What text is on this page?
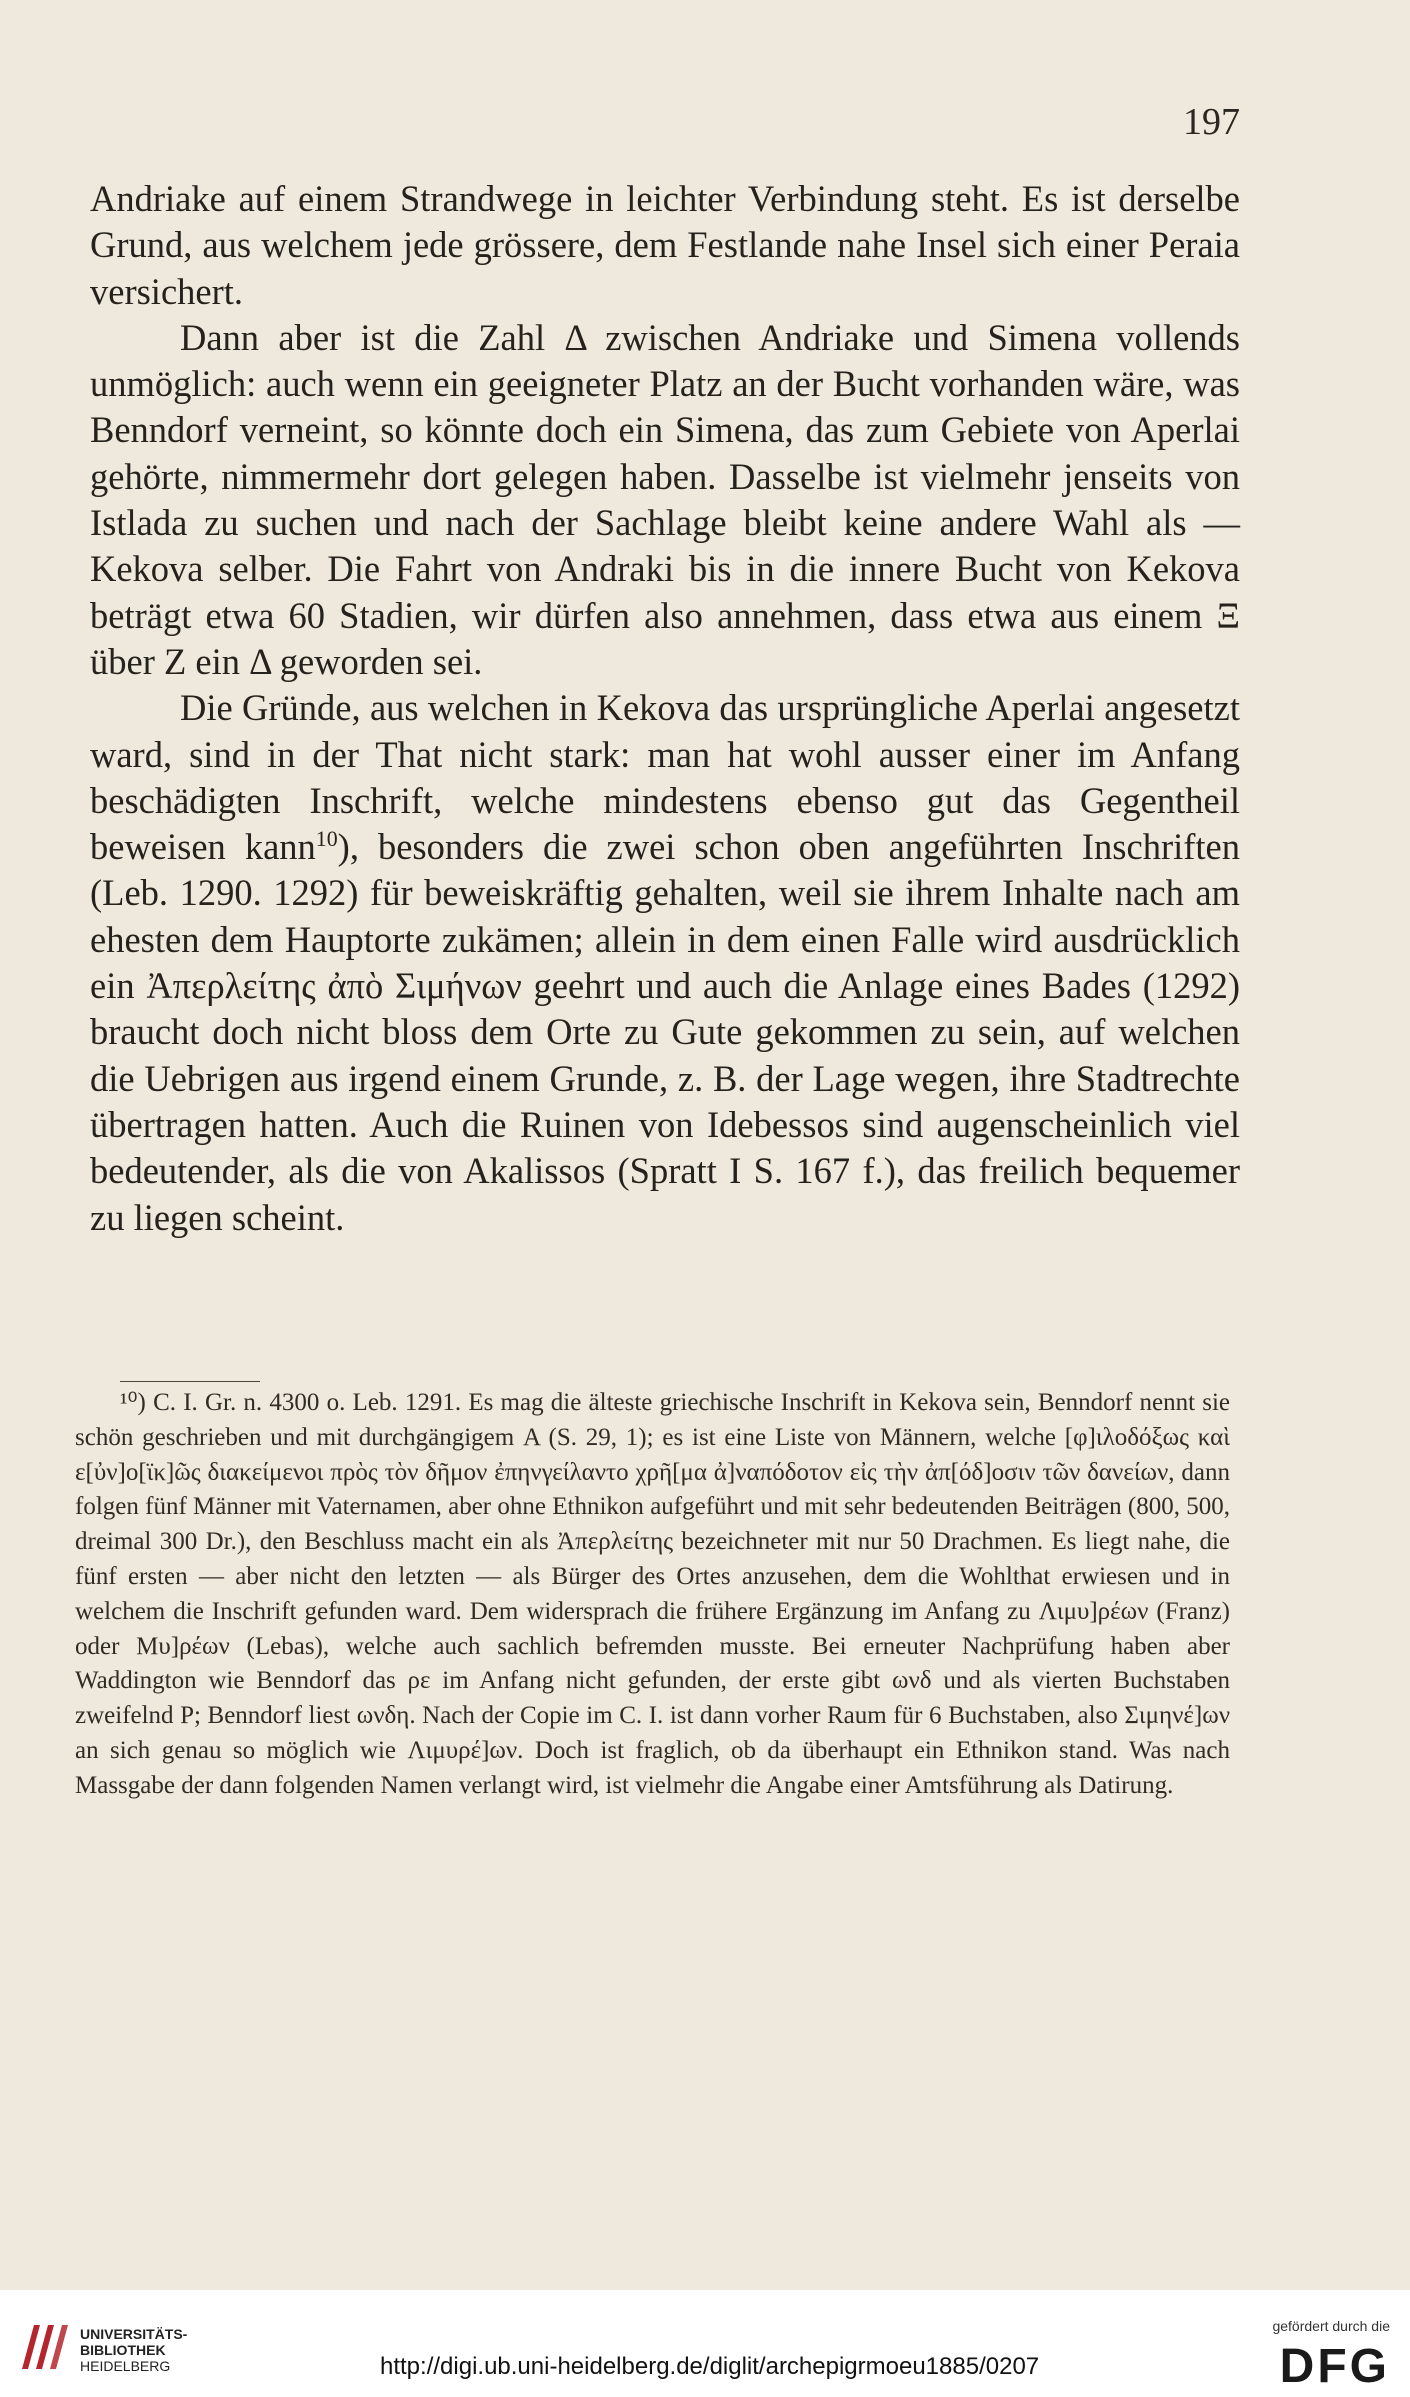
197

Andriake auf einem Strandwege in leichter Verbindung steht. Es ist derselbe Grund, aus welchem jede grössere, dem Festlande nahe Insel sich einer Peraia versichert.

Dann aber ist die Zahl Δ zwischen Andriake und Simena vollends unmöglich: auch wenn ein geeigneter Platz an der Bucht vorhanden wäre, was Benndorf verneint, so könnte doch ein Simena, das zum Gebiete von Aperlai gehörte, nimmermehr dort gelegen haben. Dasselbe ist vielmehr jenseits von Istlada zu suchen und nach der Sachlage bleibt keine andere Wahl als — Kekova selber. Die Fahrt von Andraki bis in die innere Bucht von Kekova beträgt etwa 60 Stadien, wir dürfen also annehmen, dass etwa aus einem Ξ über Ζ ein Δ geworden sei.

Die Gründe, aus welchen in Kekova das ursprüngliche Aperlai angesetzt ward, sind in der That nicht stark: man hat wohl ausser einer im Anfang beschädigten Inschrift, welche mindestens ebenso gut das Gegentheil beweisen kann$^{10}$), besonders die zwei schon oben angeführten Inschriften (Leb. 1290. 1292) für beweiskräftig gehalten, weil sie ihrem Inhalte nach am ehesten dem Hauptorte zukämen; allein in dem einen Falle wird ausdrücklich ein Ἀπερλείτης ἀπὸ Σιμήνων geehrt und auch die Anlage eines Bades (1292) braucht doch nicht bloss dem Orte zu Gute gekommen zu sein, auf welchen die Uebrigen aus irgend einem Grunde, z. B. der Lage wegen, ihre Stadtrechte übertragen hatten. Auch die Ruinen von Idebessos sind augenscheinlich viel bedeutender, als die von Akalissos (Spratt I S. 167 f.), das freilich bequemer zu liegen scheint.

¹⁰) C. I. Gr. n. 4300 o. Leb. 1291. Es mag die älteste griechische Inschrift in Kekova sein, Benndorf nennt sie schön geschrieben und mit durchgängigem Α (S. 29, 1); es ist eine Liste von Männern, welche [φ]ιλοδόξως καὶ ε[ὐν]ο[ϊκ]ῶς διακείμενοι πρὸς τὸν δῆμον ἐπηνγείλαντο χρῆ[μα ἀ]ναπόδοτον εἰς τὴν ἀπ[όδ]οσιν τῶν δανείων, dann folgen fünf Männer mit Vaternamen, aber ohne Ethnikon aufgeführt und mit sehr bedeutenden Beiträgen (800, 500, dreimal 300 Dr.), den Beschluss macht ein als Ἀπερλείτης bezeichneter mit nur 50 Drachmen. Es liegt nahe, die fünf ersten — aber nicht den letzten — als Bürger des Ortes anzusehen, dem die Wohlthat erwiesen und in welchem die Inschrift gefunden ward. Dem widersprach die frühere Ergänzung im Anfang zu Λιμυ]ρέων (Franz) oder Μυ]ρέων (Lebas), welche auch sachlich befremden musste. Bei erneuter Nachprüfung haben aber Waddington wie Benndorf das ρε im Anfang nicht gefunden, der erste gibt ωνδ und als vierten Buchstaben zweifelnd Ρ; Benndorf liest ωνδη. Nach der Copie im C. I. ist dann vorher Raum für 6 Buchstaben, also Σιμηνέ]ων an sich genau so möglich wie Λιμυρέ]ων. Doch ist fraglich, ob da überhaupt ein Ethnikon stand. Was nach Massgabe der dann folgenden Namen verlangt wird, ist vielmehr die Angabe einer Amtsführung als Datirung.

UNIVERSITÄTS-
BIBLIOTHEK
HEIDELBERG	http://digi.ub.uni-heidelberg.de/diglit/archepigrmoeu1885/0207
gefördert durch die
DFG
